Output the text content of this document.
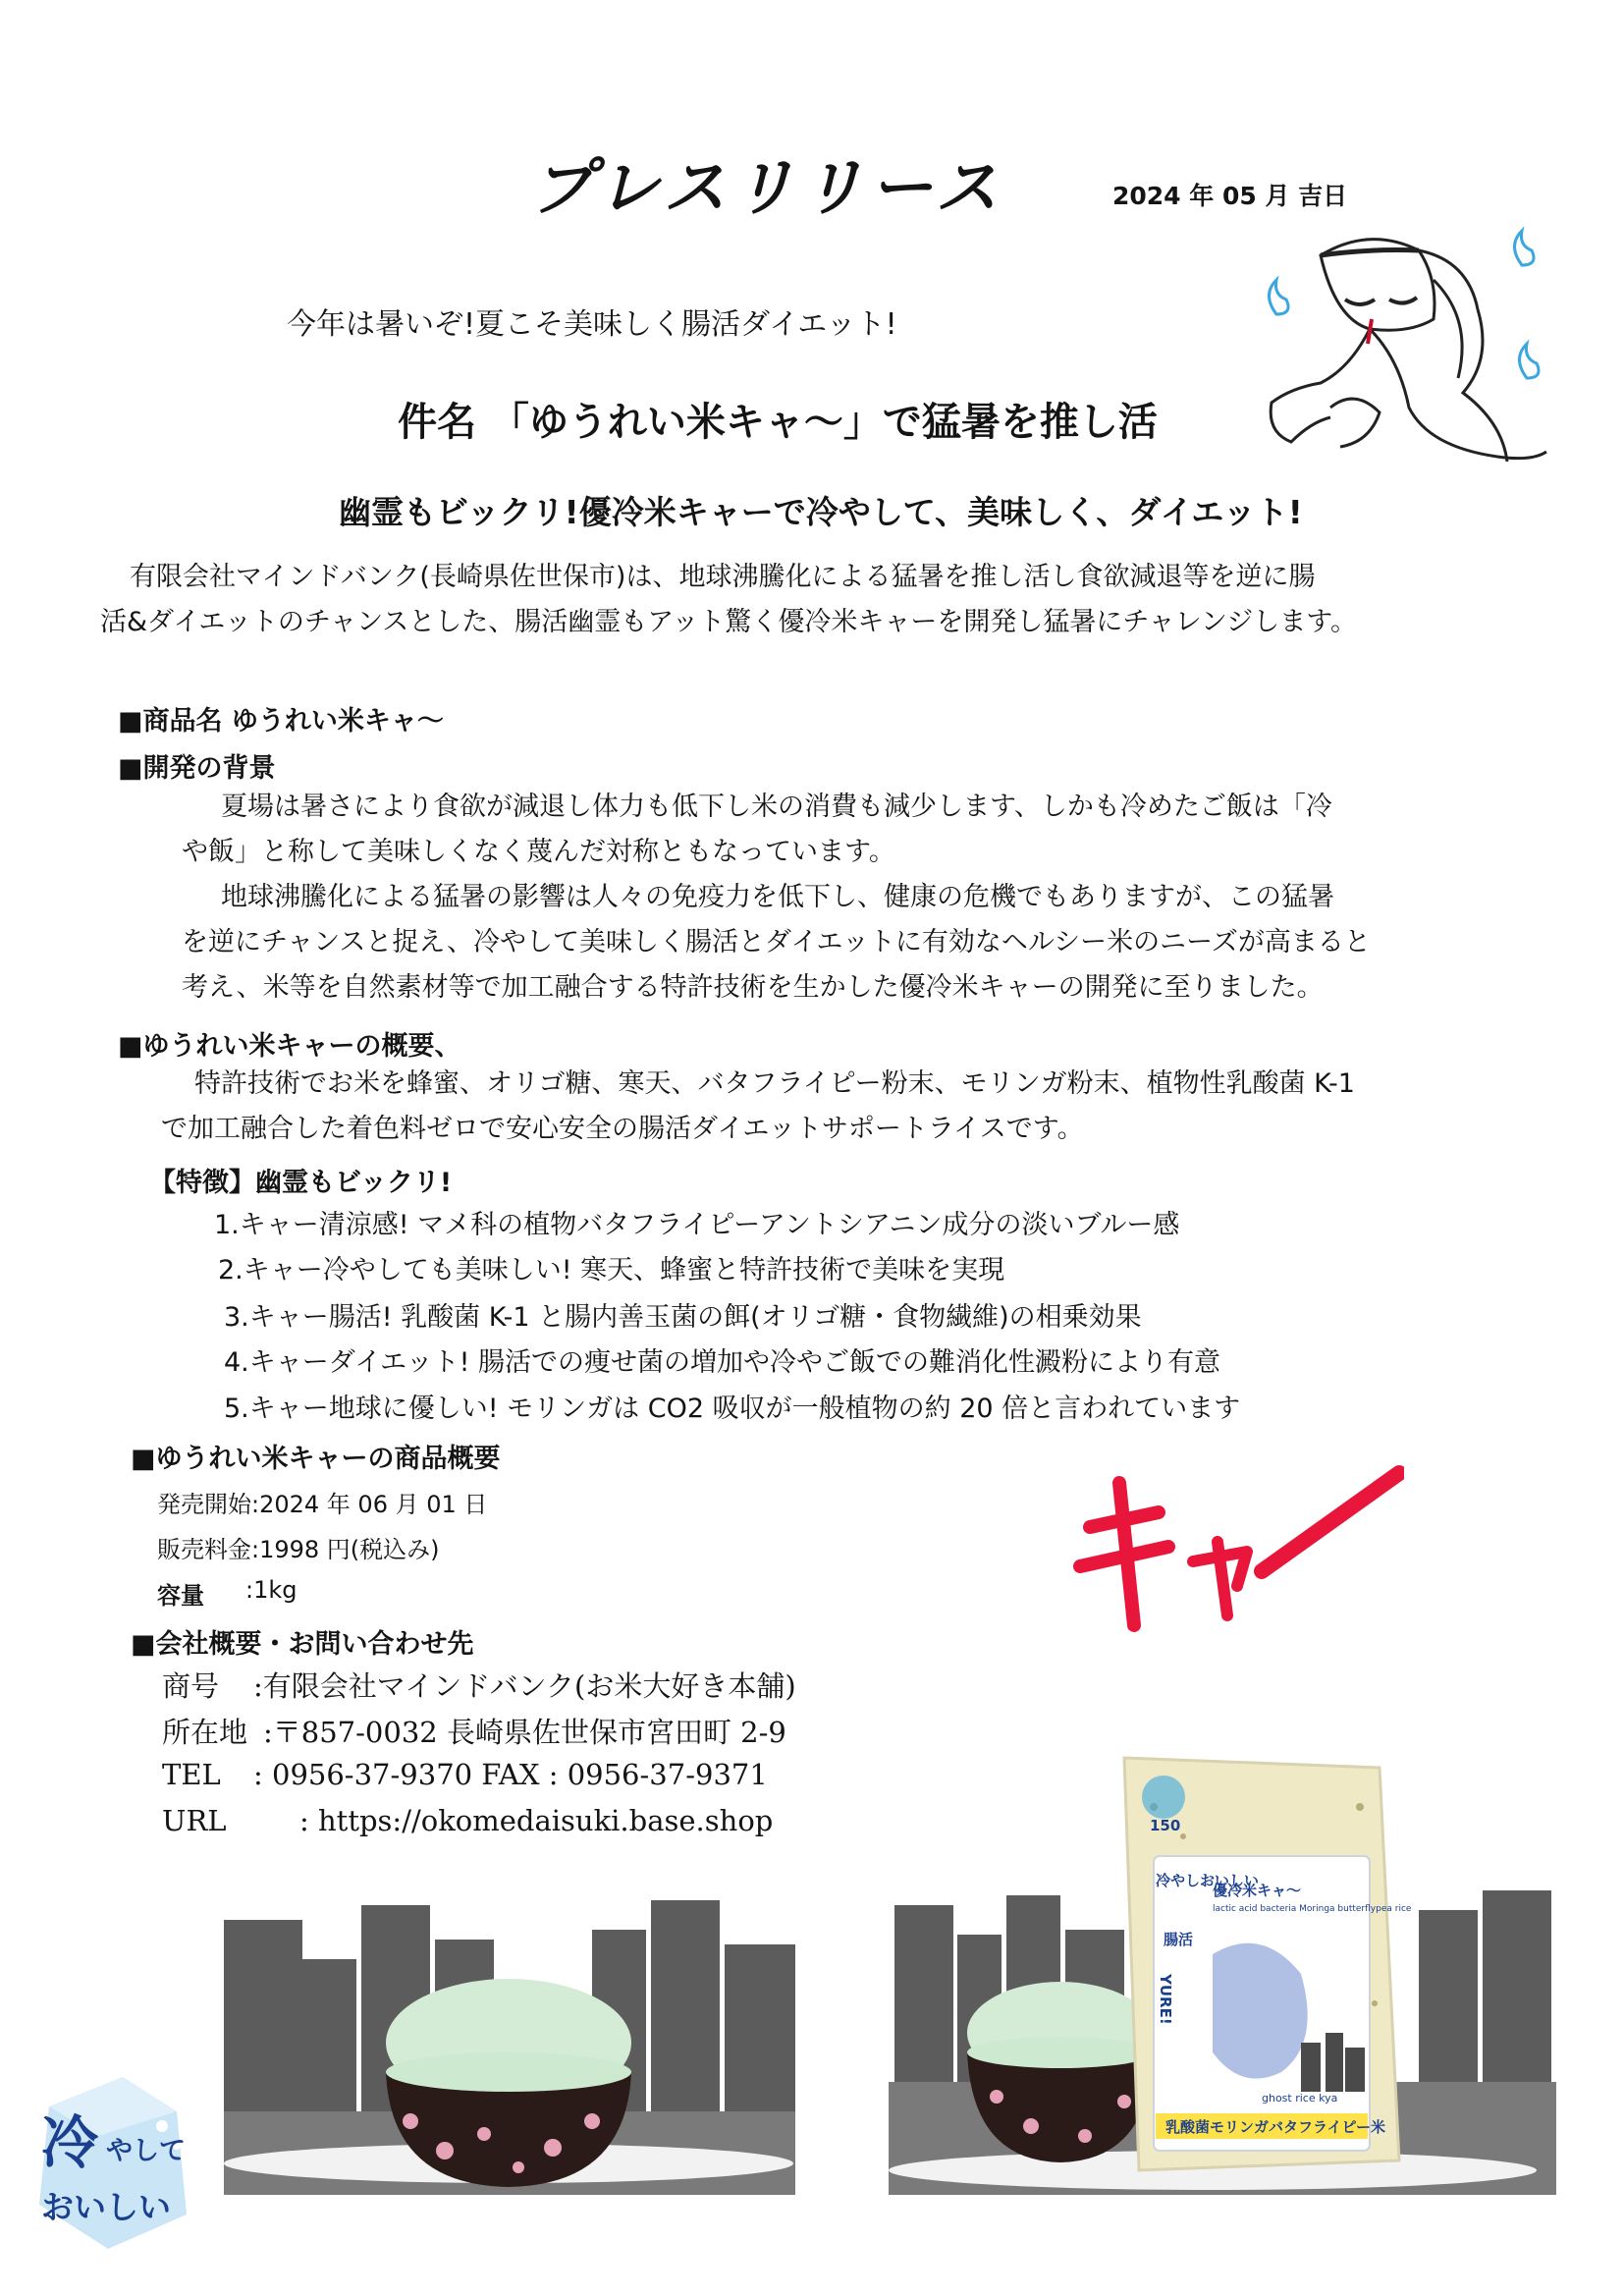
プレスリリース	2024 年 05 月 吉日
今年は暑いぞ!夏こそ美味しく腸活ダイエット!
件名 「ゆうれい米キャ～」で猛暑を推し活
幽霊もビックリ!優冷米キャーで冷やして、美味しく、ダイエット!
有限会社マインドバンク(長崎県佐世保市)は、地球沸騰化による猛暑を推し活し食欲減退等を逆に腸
活&ダイエットのチャンスとした、腸活幽霊もアット驚く優冷米キャーを開発し猛暑にチャレンジします。
■商品名 ゆうれい米キャ～
■開発の背景
夏場は暑さにより食欲が減退し体力も低下し米の消費も減少します、しかも冷めたご飯は「冷
や飯」と称して美味しくなく蔑んだ対称ともなっています。
地球沸騰化による猛暑の影響は人々の免疫力を低下し、健康の危機でもありますが、この猛暑
を逆にチャンスと捉え、冷やして美味しく腸活とダイエットに有効なヘルシー米のニーズが高まると
考え、米等を自然素材等で加工融合する特許技術を生かした優冷米キャーの開発に至りました。
■ゆうれい米キャーの概要、
特許技術でお米を蜂蜜、オリゴ糖、寒天、バタフライピー粉末、モリンガ粉末、植物性乳酸菌 K-1
で加工融合した着色料ゼロで安心安全の腸活ダイエットサポートライスです。
【特徴】幽霊もビックリ!
1.キャー清涼感! マメ科の植物バタフライピーアントシアニン成分の淡いブルー感
2.キャー冷やしても美味しい! 寒天、蜂蜜と特許技術で美味を実現
3.キャー腸活! 乳酸菌 K-1 と腸内善玉菌の餌(オリゴ糖・食物繊維)の相乗効果
4.キャーダイエット! 腸活での痩せ菌の増加や冷やご飯での難消化性澱粉により有意
5.キャー地球に優しい! モリンガは CO2 吸収が一般植物の約 20 倍と言われています
■ゆうれい米キャーの商品概要
発売開始:2024 年 06 月 01 日
販売料金:1998 円(税込み)
容量 :1kg
■会社概要・お問い合わせ先
商号 :有限会社マインドバンク(お米大好き本舗)
所在地 :〒857-0032 長崎県佐世保市宮田町 2-9
TEL : 0956-37-9370 FAX : 0956-37-9371
URL	: https://okomedaisuki.base.shop
冷やしおいしい
優冷米キャ～
lactic acid bacteria Moringa butterflypea rice
腸活
YURE!
ghost rice kya
乳酸菌モリンガバタフライピー米
150
冷 やして
おいしい
